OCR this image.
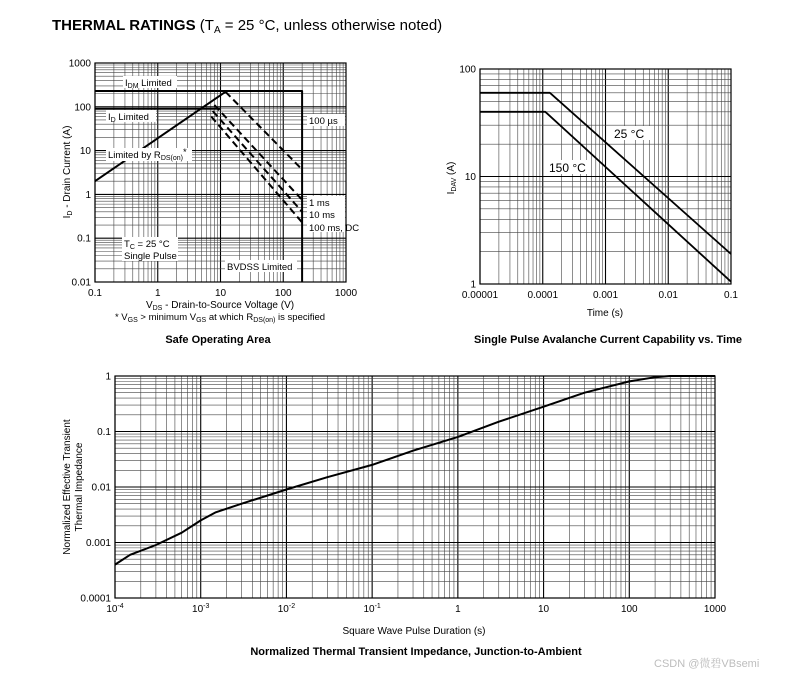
THERMAL RATINGS ($T_A = 25$ °C, unless otherwise noted)
0.01
0.1
1
10
100
1000
0.1	1	10	100	1000
$I_D$ - Drain Current (A)
$V_{DS}$ - Drain-to-Source Voltage (V)
* $V_{GS}$ > minimum $V_{GS}$ at which $R_{DS(on)}$ is specified
Safe Operating Area
$I_{DM}$ Limited
$I_D$ Limited
Limited by $R_{DS(on)}*$
$T_C = 25$ °C
Single Pulse
BVDSS Limited
100 µs
1 ms
10 ms
100 ms, DC
1
10
100
0.00001	0.0001	0.001	0.01	0.1
25 °C
150 °C
$I_{DAV}$ (A)
Time (s)
Single Pulse Avalanche Current Capability vs. Time
0.0001
0.001
0.01
0.1
1
$10^{-4}$	$10^{-3}$	$10^{-2}$	$10^{-1}$	1	10	100	1000
Normalized Effective Transient Thermal Impedance
Square Wave Pulse Duration (s)
Normalized Thermal Transient Impedance, Junction-to-Ambient
CSDN @微碧VBsemi
